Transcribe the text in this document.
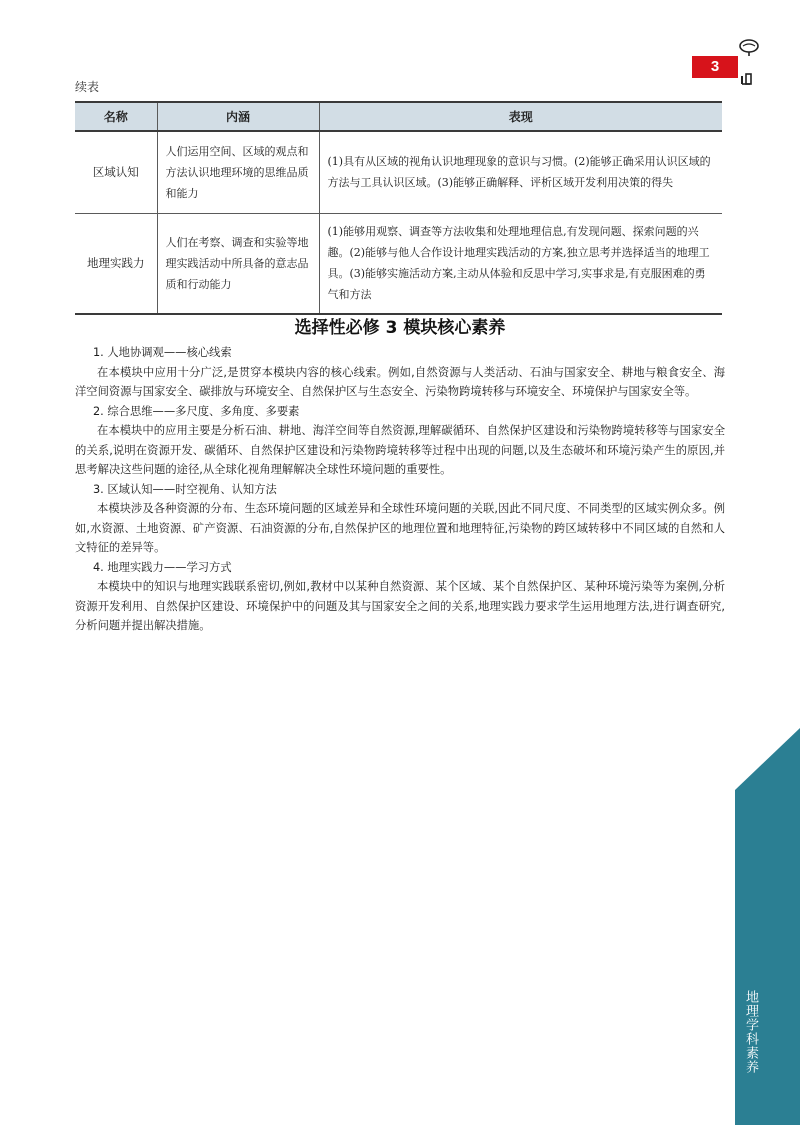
3
续表
名称	内涵	表现
区域认知	人们运用空间、区域的观点和方法认识地理环境的思维品质和能力	(1)具有从区域的视角认识地理现象的意识与习惯。(2)能够正确采用认识区域的方法与工具认识区域。(3)能够正确解释、评析区域开发利用决策的得失
地理实践力	人们在考察、调查和实验等地理实践活动中所具备的意志品质和行动能力	(1)能够用观察、调查等方法收集和处理地理信息,有发现问题、探索问题的兴趣。(2)能够与他人合作设计地理实践活动的方案,独立思考并选择适当的地理工具。(3)能够实施活动方案,主动从体验和反思中学习,实事求是,有克服困难的勇气和方法
选择性必修 3 模块核心素养
1. 人地协调观——核心线索
在本模块中应用十分广泛,是贯穿本模块内容的核心线索。例如,自然资源与人类活动、石油与国家安全、耕地与粮食安全、海洋空间资源与国家安全、碳排放与环境安全、自然保护区与生态安全、污染物跨境转移与环境安全、环境保护与国家安全等。
2. 综合思维——多尺度、多角度、多要素
在本模块中的应用主要是分析石油、耕地、海洋空间等自然资源,理解碳循环、自然保护区建设和污染物跨境转移等与国家安全的关系,说明在资源开发、碳循环、自然保护区建设和污染物跨境转移等过程中出现的问题,以及生态破坏和环境污染产生的原因,并思考解决这些问题的途径,从全球化视角理解解决全球性环境问题的重要性。
3. 区域认知——时空视角、认知方法
本模块涉及各种资源的分布、生态环境问题的区域差异和全球性环境问题的关联,因此不同尺度、不同类型的区域实例众多。例如,水资源、土地资源、矿产资源、石油资源的分布,自然保护区的地理位置和地理特征,污染物的跨区域转移中不同区域的自然和人文特征的差异等。
4. 地理实践力——学习方式
本模块中的知识与地理实践联系密切,例如,教材中以某种自然资源、某个区域、某个自然保护区、某种环境污染等为案例,分析资源开发利用、自然保护区建设、环境保护中的问题及其与国家安全之间的关系,地理实践力要求学生运用地理方法,进行调查研究,分析问题并提出解决措施。
地理学科素养
